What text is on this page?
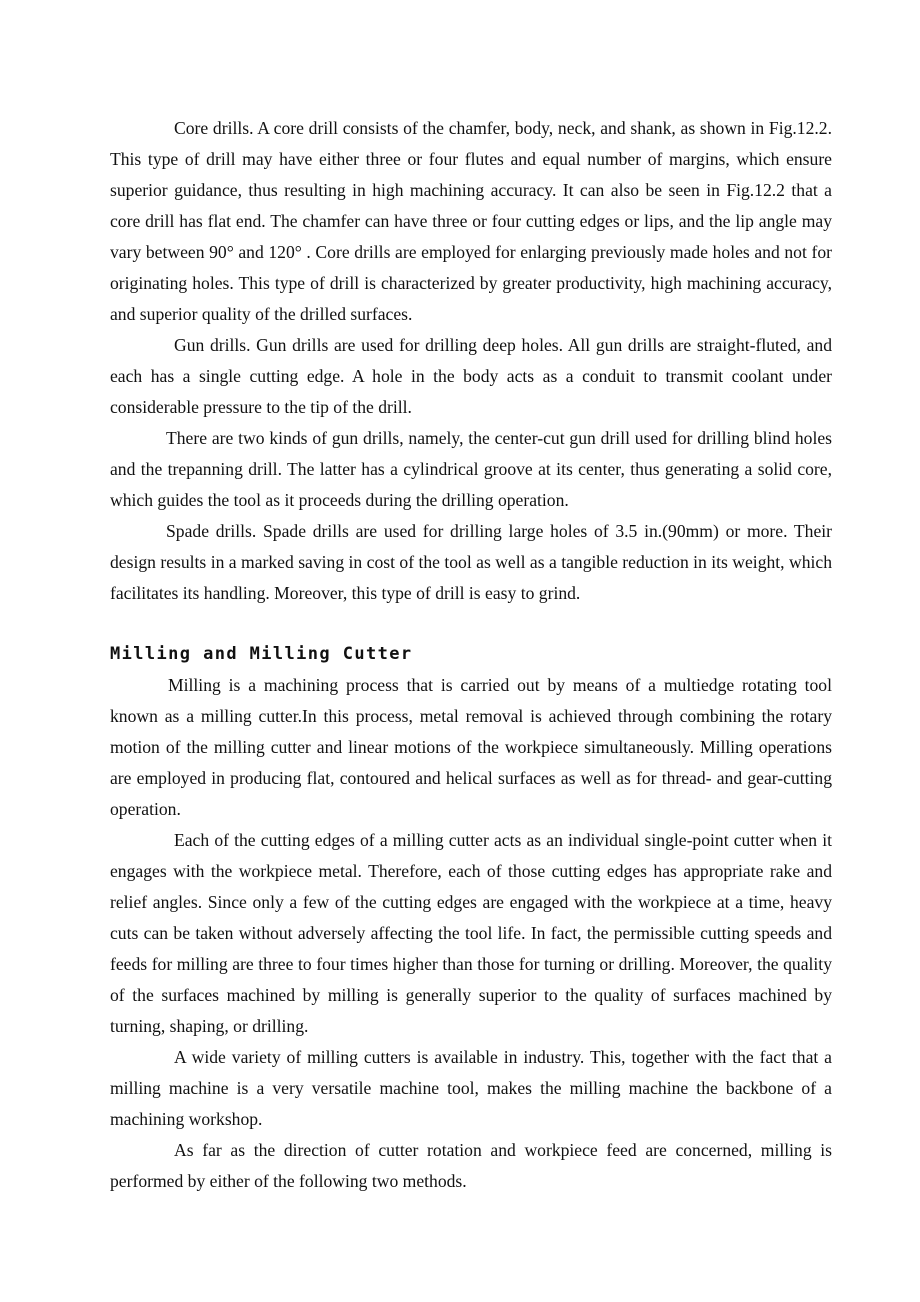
Core drills. A core drill consists of the chamfer, body, neck, and shank, as shown in Fig.12.2. This type of drill may have either three or four flutes and equal number of margins, which ensure superior guidance, thus resulting in high machining accuracy. It can also be seen in Fig.12.2 that a core drill has flat end. The chamfer can have three or four cutting edges or lips, and the lip angle may vary between 90° and 120° . Core drills are employed for enlarging previously made holes and not for originating holes. This type of drill is characterized by greater productivity, high machining accuracy, and superior quality of the drilled surfaces.

Gun drills. Gun drills are used for drilling deep holes. All gun drills are straight-fluted, and each has a single cutting edge. A hole in the body acts as a conduit to transmit coolant under considerable pressure to the tip of the drill.

There are two kinds of gun drills, namely, the center-cut gun drill used for drilling blind holes and the trepanning drill. The latter has a cylindrical groove at its center, thus generating a solid core, which guides the tool as it proceeds during the drilling operation.

Spade drills. Spade drills are used for drilling large holes of 3.5 in.(90mm) or more. Their design results in a marked saving in cost of the tool as well as a tangible reduction in its weight, which facilitates its handling. Moreover, this type of drill is easy to grind.

Milling and Milling Cutter

Milling is a machining process that is carried out by means of a multiedge rotating tool known as a milling cutter.In this process, metal removal is achieved through combining the rotary motion of the milling cutter and linear motions of the workpiece simultaneously. Milling operations are employed in producing flat, contoured and helical surfaces as well as for thread- and gear-cutting operation.

Each of the cutting edges of a milling cutter acts as an individual single-point cutter when it engages with the workpiece metal. Therefore, each of those cutting edges has appropriate rake and relief angles. Since only a few of the cutting edges are engaged with the workpiece at a time, heavy cuts can be taken without adversely affecting the tool life. In fact, the permissible cutting speeds and feeds for milling are three to four times higher than those for turning or drilling. Moreover, the quality of the surfaces machined by milling is generally superior to the quality of surfaces machined by turning, shaping, or drilling.

A wide variety of milling cutters is available in industry. This, together with the fact that a milling machine is a very versatile machine tool, makes the milling machine the backbone of a machining workshop.

As far as the direction of cutter rotation and workpiece feed are concerned, milling is performed by either of the following two methods.
